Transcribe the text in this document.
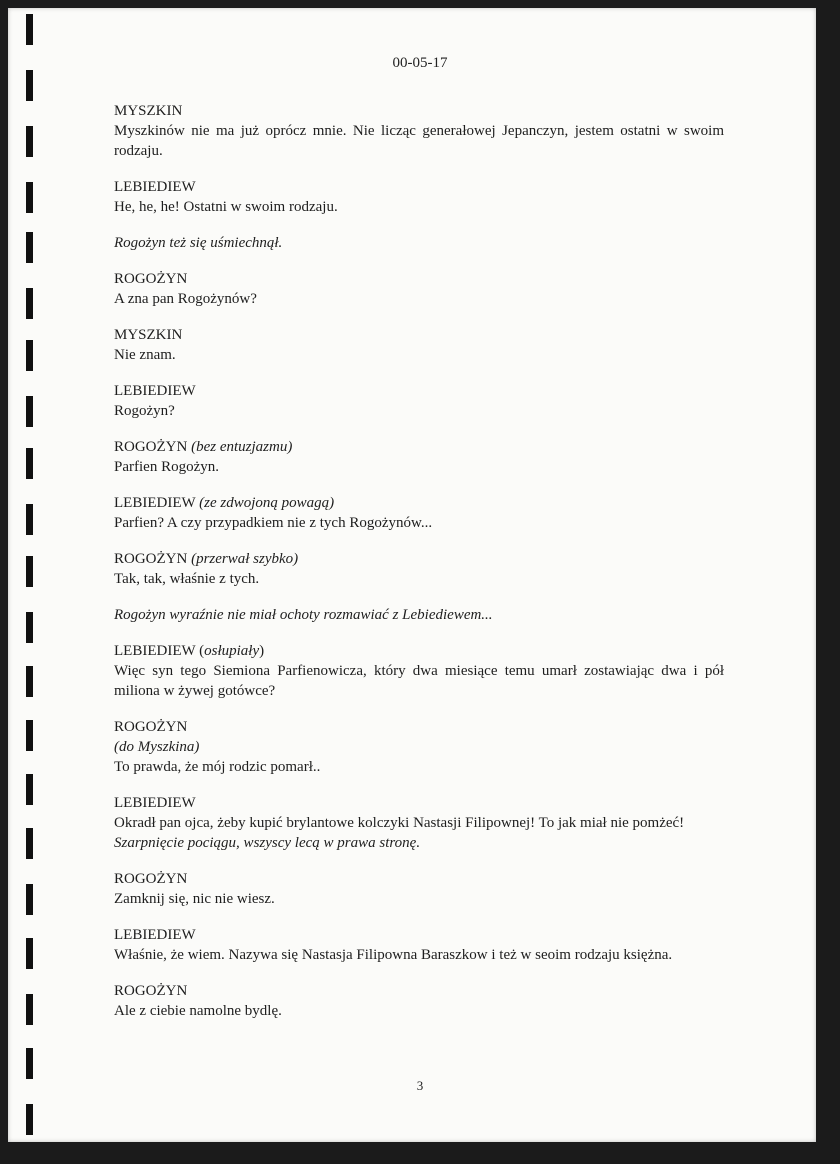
00-05-17
MYSZKIN
Myszkinów nie ma już oprócz mnie. Nie licząc generałowej Jepanczyn, jestem ostatni w swoim rodzaju.
LEBIEDIEW
He, he, he! Ostatni w swoim rodzaju.
Rogożyn też się uśmiechnął.
ROGOŻYN
A zna pan Rogożynów?
MYSZKIN
Nie znam.
LEBIEDIEW
Rogożyn?
ROGOŻYN (bez entuzjazmu)
Parfien Rogożyn.
LEBIEDIEW (ze zdwojoną powagą)
Parfien? A czy przypadkiem nie z tych Rogożynów...
ROGOŻYN (przerwał szybko)
Tak, tak, właśnie z tych.
Rogożyn wyraźnie nie miał ochoty rozmawiać z Lebiediewem...
LEBIEDIEW (osłupiały)
Więc syn tego Siemiona Parfienowicza, który dwa miesiące temu umarł zostawiając dwa i pół miliona w żywej gotówce?
ROGOŻYN
(do Myszkina)
To prawda, że mój rodzic pomarł..
LEBIEDIEW
Okradł pan ojca, żeby kupić brylantowe kolczyki Nastasji Filipownej! To jak miał nie pomżeć!
Szarpnięcie pociągu, wszyscy lecą w prawa stronę.
ROGOŻYN
Zamknij się, nic nie wiesz.
LEBIEDIEW
Właśnie, że wiem. Nazywa się Nastasja Filipowna Baraszkow i też w seoim rodzaju księżna.
ROGOŻYN
Ale z ciebie namolne bydlę.
3
